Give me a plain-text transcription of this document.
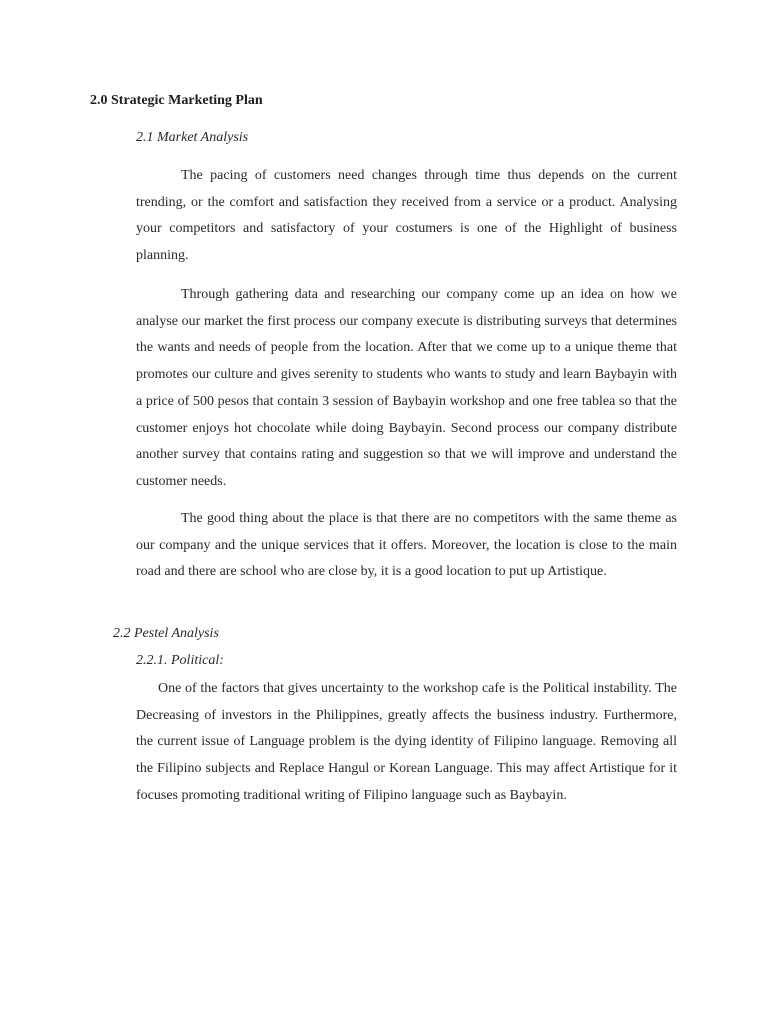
2.0 Strategic Marketing Plan
2.1 Market Analysis

The pacing of customers need changes through time thus depends on the current trending, or the comfort and satisfaction they received from a service or a product. Analysing your competitors and satisfactory of your costumers is one of the Highlight of business planning.

Through gathering data and researching our company come up an idea on how we analyse our market the first process our company execute is distributing surveys that determines the wants and needs of people from the location. After that we come up to a unique theme that promotes our culture and gives serenity to students who wants to study and learn Baybayin with a price of 500 pesos that contain 3 session of Baybayin workshop and one free tablea so that the customer enjoys hot chocolate while doing Baybayin. Second process our company distribute another survey that contains rating and suggestion so that we will improve and understand the customer needs.

The good thing about the place is that there are no competitors with the same theme as our company and the unique services that it offers. Moreover, the location is close to the main road and there are school who are close by, it is a good location to put up Artistique.

2.2 Pestel Analysis
2.2.1. Political:

One of the factors that gives uncertainty to the workshop cafe is the Political instability. The Decreasing of investors in the Philippines, greatly affects the business industry. Furthermore, the current issue of Language problem is the dying identity of Filipino language. Removing all the Filipino subjects and Replace Hangul or Korean Language. This may affect Artistique for it focuses promoting traditional writing of Filipino language such as Baybayin.
